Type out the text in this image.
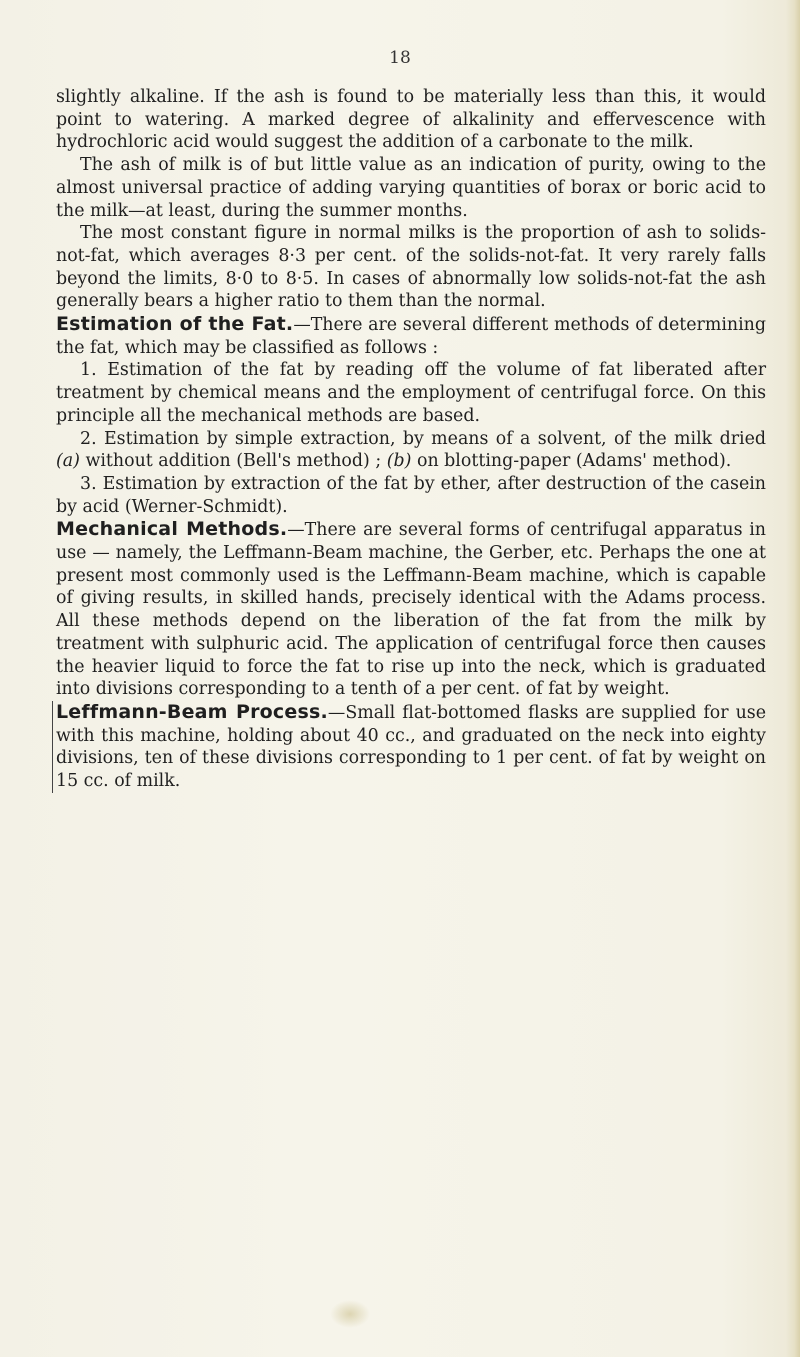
18

slightly alkaline. If the ash is found to be materially less than this, it would point to watering. A marked degree of alkalinity and effervescence with hydrochloric acid would suggest the addition of a carbonate to the milk.

The ash of milk is of but little value as an indication of purity, owing to the almost universal practice of adding varying quantities of borax or boric acid to the milk—at least, during the summer months.

The most constant figure in normal milks is the proportion of ash to solids-not-fat, which averages 8·3 per cent. of the solids-not-fat. It very rarely falls beyond the limits, 8·0 to 8·5. In cases of abnormally low solids-not-fat the ash generally bears a higher ratio to them than the normal.

Estimation of the Fat.—There are several different methods of determining the fat, which may be classified as follows :

1. Estimation of the fat by reading off the volume of fat liberated after treatment by chemical means and the employment of centrifugal force. On this principle all the mechanical methods are based.

2. Estimation by simple extraction, by means of a solvent, of the milk dried (a) without addition (Bell's method) ; (b) on blotting-paper (Adams' method).

3. Estimation by extraction of the fat by ether, after destruction of the casein by acid (Werner-Schmidt).

Mechanical Methods.—There are several forms of centrifugal apparatus in use — namely, the Leffmann-Beam machine, the Gerber, etc. Perhaps the one at present most commonly used is the Leffmann-Beam machine, which is capable of giving results, in skilled hands, precisely identical with the Adams process. All these methods depend on the liberation of the fat from the milk by treatment with sulphuric acid. The application of centrifugal force then causes the heavier liquid to force the fat to rise up into the neck, which is graduated into divisions corresponding to a tenth of a per cent. of fat by weight.

Leffmann-Beam Process.—Small flat-bottomed flasks are supplied for use with this machine, holding about 40 cc., and graduated on the neck into eighty divisions, ten of these divisions corresponding to 1 per cent. of fat by weight on 15 cc. of milk.
